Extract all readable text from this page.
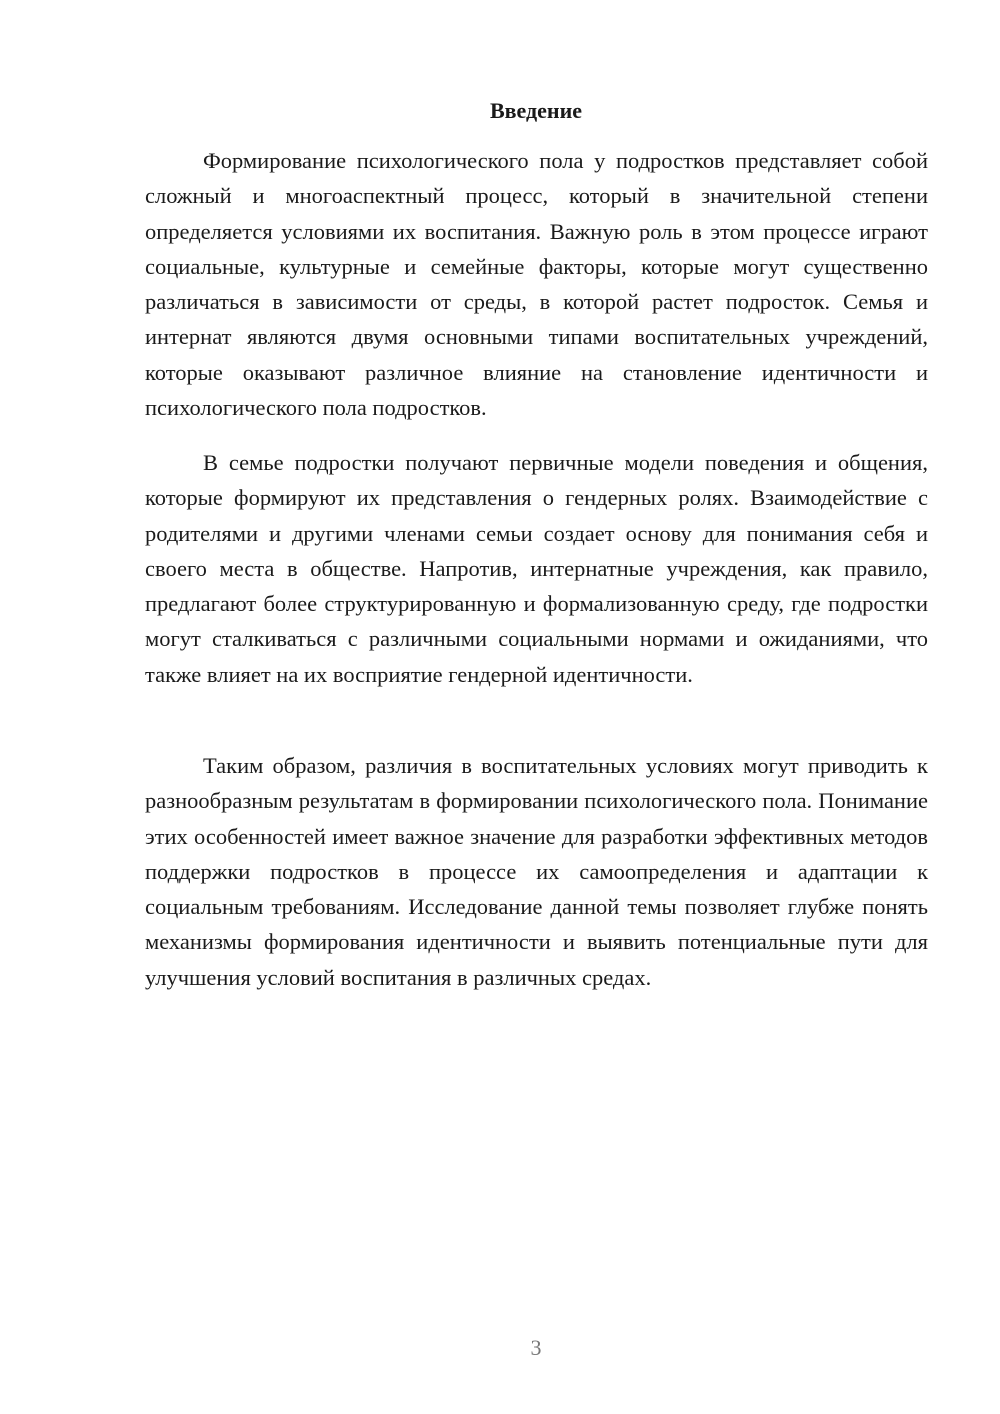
Введение

Формирование психологического пола у подростков представляет собой сложный и многоаспектный процесс, который в значительной степени определяется условиями их воспитания. Важную роль в этом процессе играют социальные, культурные и семейные факторы, которые могут существенно различаться в зависимости от среды, в которой растет подросток. Семья и интернат являются двумя основными типами воспитательных учреждений, которые оказывают различное влияние на становление идентичности и психологического пола подростков.

В семье подростки получают первичные модели поведения и общения, которые формируют их представления о гендерных ролях. Взаимодействие с родителями и другими членами семьи создает основу для понимания себя и своего места в обществе. Напротив, интернатные учреждения, как правило, предлагают более структурированную и формализованную среду, где подростки могут сталкиваться с различными социальными нормами и ожиданиями, что также влияет на их восприятие гендерной идентичности.

Таким образом, различия в воспитательных условиях могут приводить к разнообразным результатам в формировании психологического пола. Понимание этих особенностей имеет важное значение для разработки эффективных методов поддержки подростков в процессе их самоопределения и адаптации к социальным требованиям. Исследование данной темы позволяет глубже понять механизмы формирования идентичности и выявить потенциальные пути для улучшения условий воспитания в различных средах.

3
